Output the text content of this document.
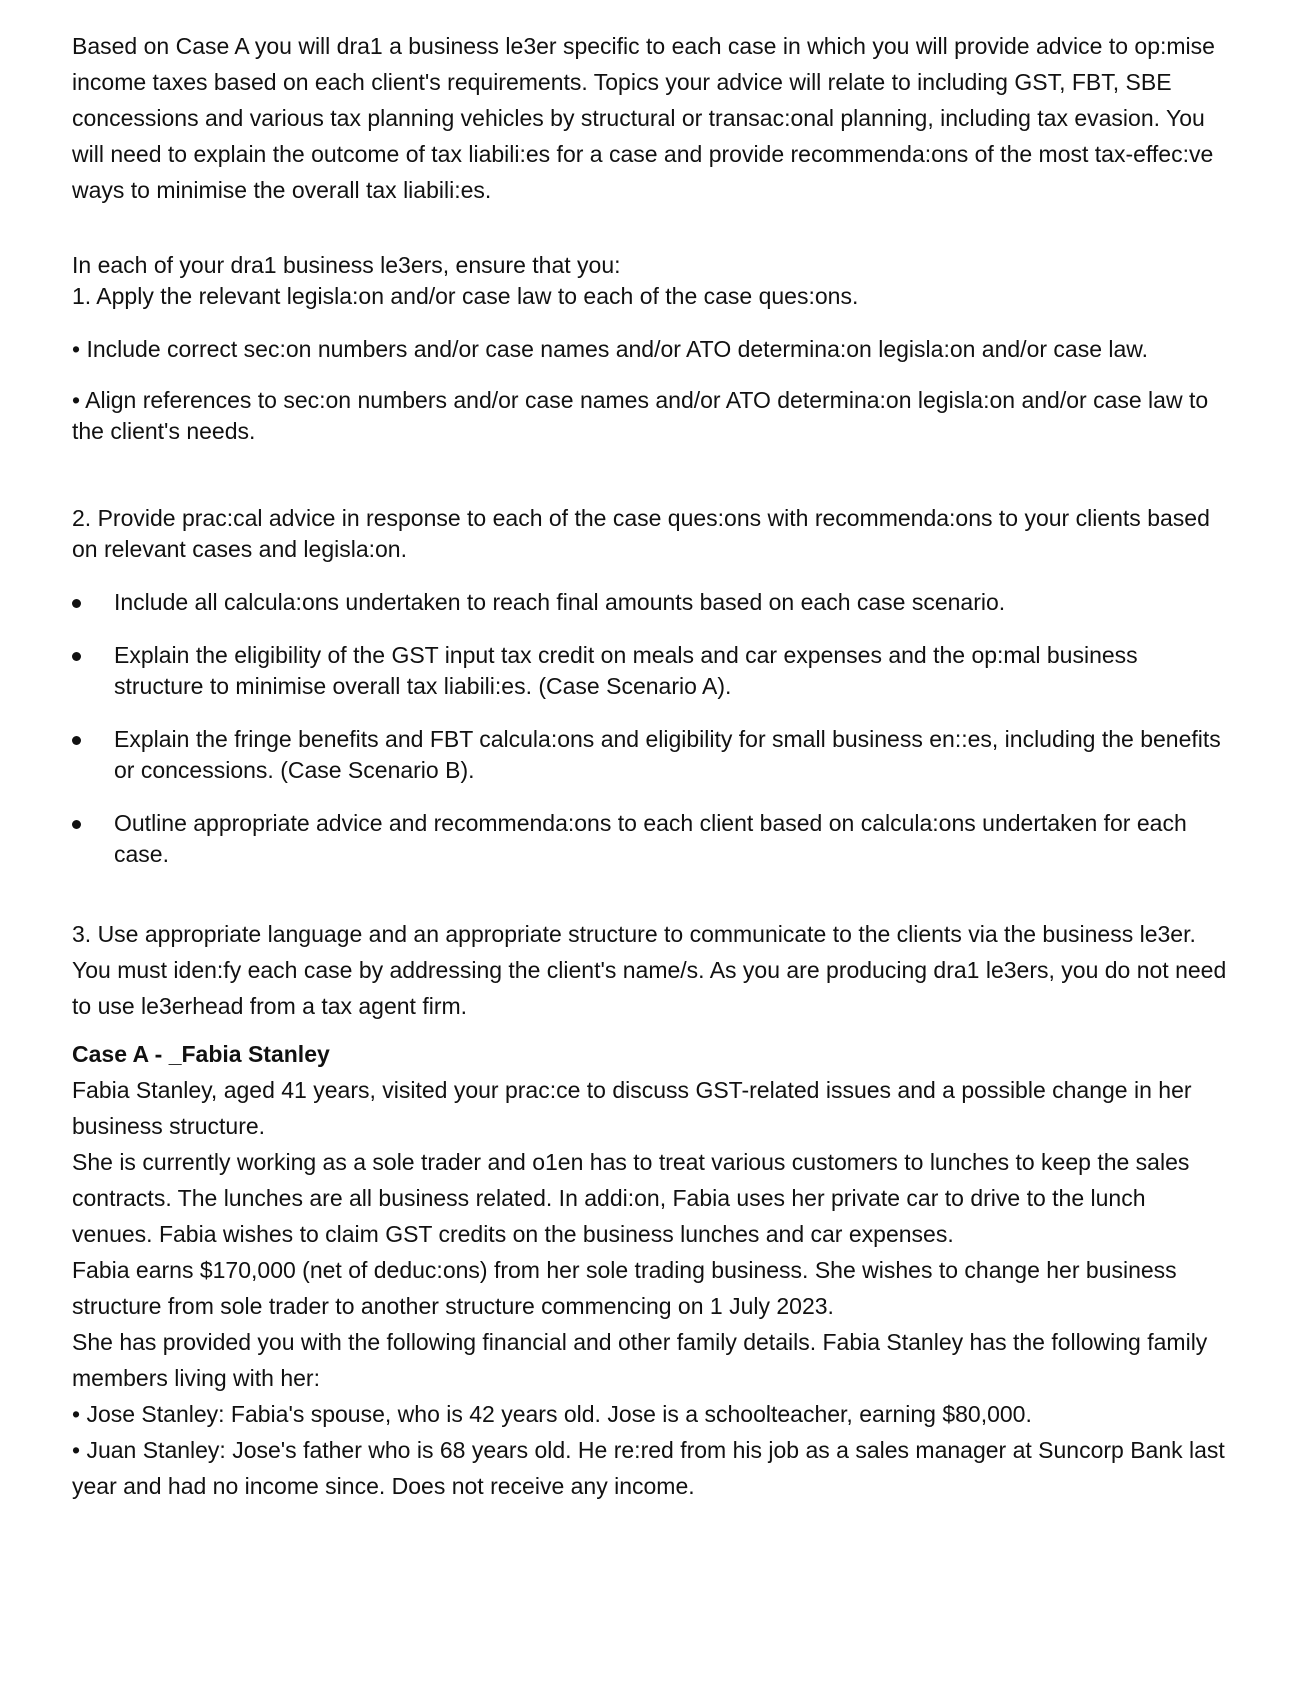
Based on Case A you will dra1 a business le3er specific to each case in which you will provide advice to op:mise income taxes based on each client's requirements. Topics your advice will relate to including GST, FBT, SBE concessions and various tax planning vehicles by structural or transac:onal planning, including tax evasion. You will need to explain the outcome of tax liabili:es for a case and provide recommenda:ons of the most tax-effec:ve ways to minimise the overall tax liabili:es.

In each of your dra1 business le3ers, ensure that you:

1. Apply the relevant legisla:on and/or case law to each of the case ques:ons.

• Include correct sec:on numbers and/or case names and/or ATO determina:on legisla:on and/or case law.

• Align references to sec:on numbers and/or case names and/or ATO determina:on legisla:on and/or case law to the client's needs.

2. Provide prac:cal advice in response to each of the case ques:ons with recommenda:ons to your clients based on relevant cases and legisla:on.

Include all calcula:ons undertaken to reach final amounts based on each case scenario.
Explain the eligibility of the GST input tax credit on meals and car expenses and the op:mal business structure to minimise overall tax liabili:es. (Case Scenario A).
Explain the fringe benefits and FBT calcula:ons and eligibility for small business en::es, including the benefits or concessions. (Case Scenario B).
Outline appropriate advice and recommenda:ons to each client based on calcula:ons undertaken for each case.

3. Use appropriate language and an appropriate structure to communicate to the clients via the business le3er. You must iden:fy each case by addressing the client's name/s. As you are producing dra1 le3ers, you do not need to use le3erhead from a tax agent firm.

Case A - _Fabia Stanley

Fabia Stanley, aged 41 years, visited your prac:ce to discuss GST-related issues and a possible change in her business structure.

She is currently working as a sole trader and o1en has to treat various customers to lunches to keep the sales contracts. The lunches are all business related. In addi:on, Fabia uses her private car to drive to the lunch venues. Fabia wishes to claim GST credits on the business lunches and car expenses.

Fabia earns $170,000 (net of deduc:ons) from her sole trading business. She wishes to change her business structure from sole trader to another structure commencing on 1 July 2023.

She has provided you with the following financial and other family details. Fabia Stanley has the following family members living with her:

• Jose Stanley: Fabia's spouse, who is 42 years old. Jose is a schoolteacher, earning $80,000.

• Juan Stanley: Jose's father who is 68 years old. He re:red from his job as a sales manager at Suncorp Bank last year and had no income since. Does not receive any income.
